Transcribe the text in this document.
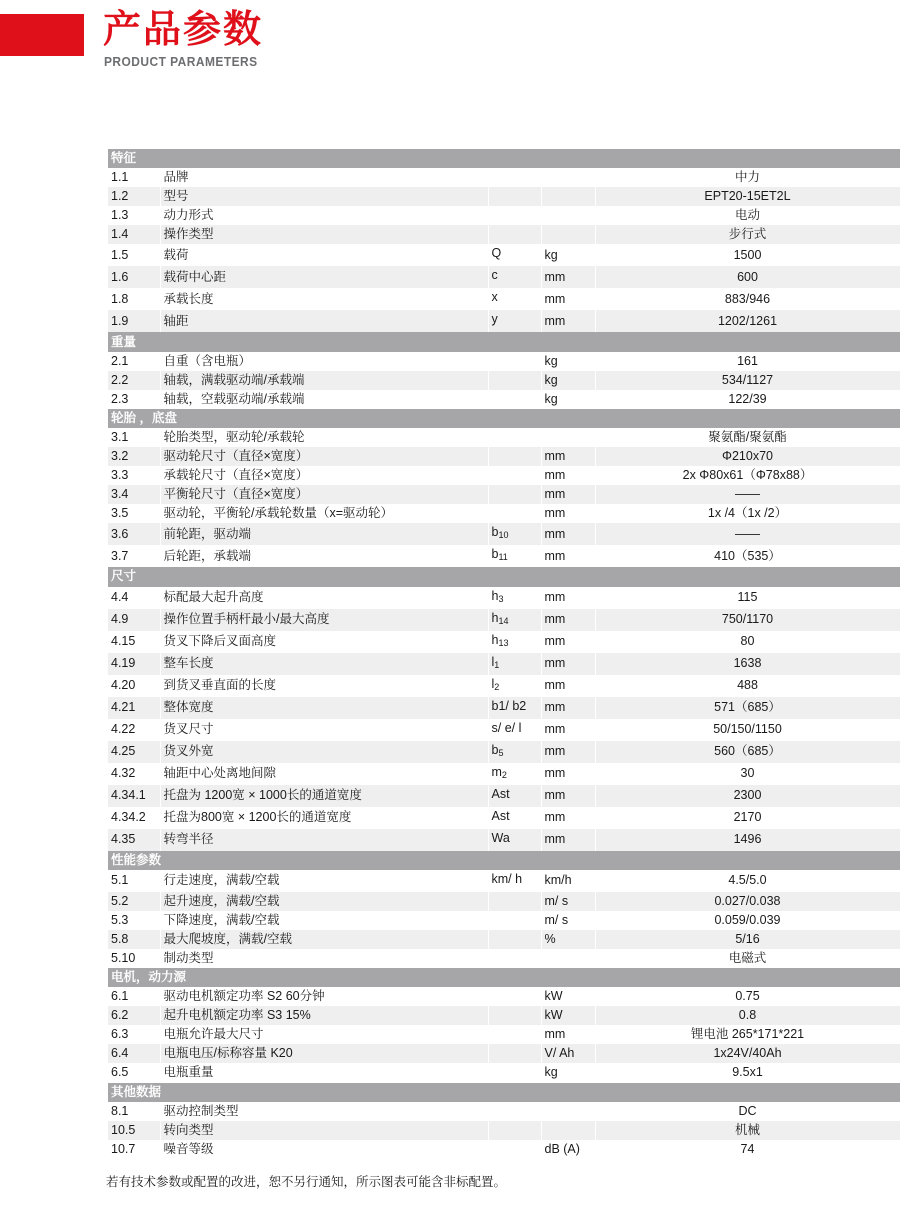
产品参数
PRODUCT PARAMETERS
特征				
1.1	品牌			中力
1.2	型号			EPT20-15ET2L
1.3	动力形式			电动
1.4	操作类型			步行式
1.5	载荷	Q	kg	1500
1.6	载荷中心距	c	mm	600
1.8	承载长度	x	mm	883/946
1.9	轴距	y	mm	1202/1261
重量				
2.1	自重（含电瓶）		kg	161
2.2	轴载，满载驱动端/承载端		kg	534/1127
2.3	轴载，空载驱动端/承载端		kg	122/39
轮胎 ，底盘				
3.1	轮胎类型，驱动轮/承载轮			聚氨酯/聚氨酯
3.2	驱动轮尺寸（直径×宽度）		mm	Φ210x70
3.3	承载轮尺寸（直径×宽度）		mm	2x Φ80x61（Φ78x88）
3.4	平衡轮尺寸（直径×宽度）		mm	——
3.5	驱动轮，平衡轮/承载轮数量（x=驱动轮）		mm	1x /4（1x /2）
3.6	前轮距，驱动端	$b_{10}$	mm	——
3.7	后轮距，承载端	$b_{11}$	mm	410（535）
尺寸				
4.4	标配最大起升高度	$h_3$	mm	115
4.9	操作位置手柄杆最小/最大高度	$h_{14}$	mm	750/1170
4.15	货叉下降后叉面高度	$h_{13}$	mm	80
4.19	整车长度	$l_1$	mm	1638
4.20	到货叉垂直面的长度	$l_2$	mm	488
4.21	整体宽度	b1/ b2	mm	571（685）
4.22	货叉尺寸	s/ e/ l	mm	50/150/1150
4.25	货叉外宽	$b_5$	mm	560（685）
4.32	轴距中心处离地间隙	$m_2$	mm	30
4.34.1	托盘为 1200宽 × 1000长的通道宽度	Ast	mm	2300
4.34.2	托盘为800宽 × 1200长的通道宽度	Ast	mm	2170
4.35	转弯半径	Wa	mm	1496
性能参数				
5.1	行走速度，满载/空载	km/ h	km/h	4.5/5.0
5.2	起升速度，满载/空载		m/ s	0.027/0.038
5.3	下降速度，满载/空载		m/ s	0.059/0.039
5.8	最大爬坡度，满载/空载		%	5/16
5.10	制动类型			电磁式
电机，动力源				
6.1	驱动电机额定功率 S2 60分钟		kW	0.75
6.2	起升电机额定功率 S3 15%		kW	0.8
6.3	电瓶允许最大尺寸		mm	锂电池 265*171*221
6.4	电瓶电压/标称容量 K20		V/ Ah	1x24V/40Ah
6.5	电瓶重量		kg	9.5x1
其他数据				
8.1	驱动控制类型			DC
10.5	转向类型			机械
10.7	噪音等级		dB (A)	74
若有技术参数或配置的改进，恕不另行通知，所示图表可能含非标配置。
